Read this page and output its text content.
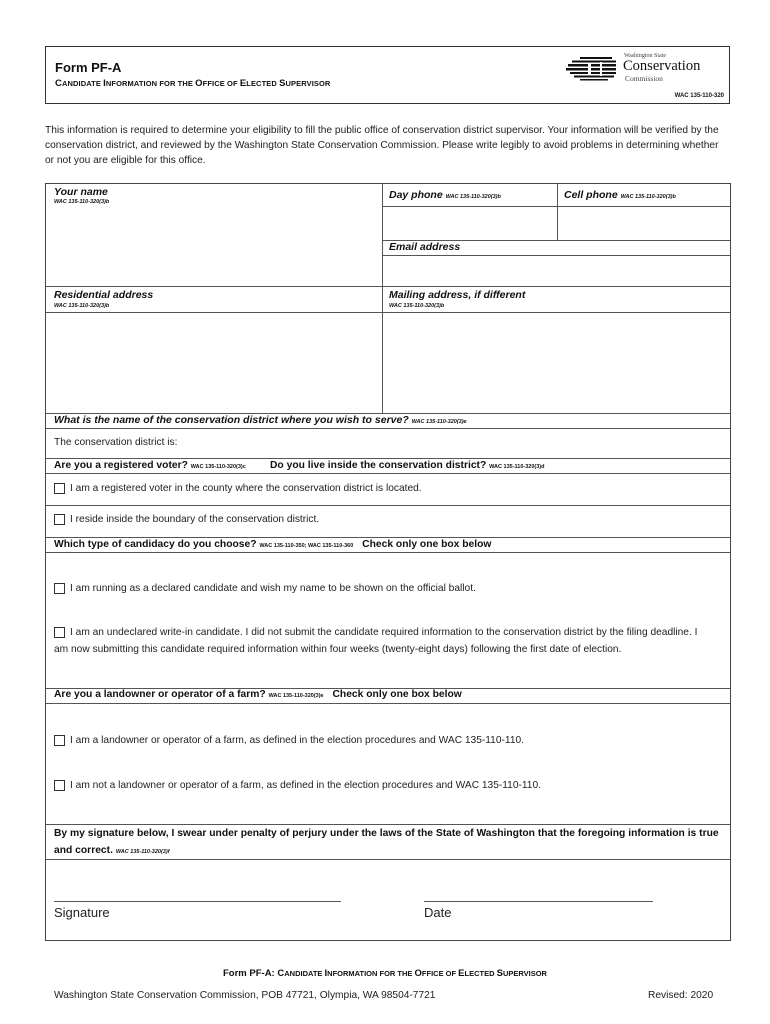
Form PF-A
CANDIDATE INFORMATION FOR THE OFFICE OF ELECTED SUPERVISOR
Washington State
Conservation
Commission
WAC 135-110-320
This information is required to determine your eligibility to fill the public office of conservation district supervisor. Your information will be verified by the conservation district, and reviewed by the Washington State Conservation Commission. Please write legibly to avoid problems in determining whether or not you are eligible for this office.
Your name
WAC 135-110-320(3)b
Day phone WAC 135-110-320(3)b	Cell phone WAC 135-110-320(3)b
Email address
Residential address
WAC 135-110-320(3)b
Mailing address, if different
WAC 135-110-320(3)b
What is the name of the conservation district where you wish to serve? WAC 135-110-320(3)e
The conservation district is:
Are you a registered voter? WAC 135-110-320(3)c Do you live inside the conservation district? WAC 135-110-320(3)d
I am a registered voter in the county where the conservation district is located.
I reside inside the boundary of the conservation district.
Which type of candidacy do you choose? WAC 135-110-350; WAC 135-110-360 Check only one box below
I am running as a declared candidate and wish my name to be shown on the official ballot.
I am an undeclared write-in candidate. I did not submit the candidate required information to the conservation district by the filing deadline. I
am now submitting this candidate required information within four weeks (twenty-eight days) following the first date of election.
Are you a landowner or operator of a farm? WAC 135-110-320(3)e Check only one box below
I am a landowner or operator of a farm, as defined in the election procedures and WAC 135-110-110.
I am not a landowner or operator of a farm, as defined in the election procedures and WAC 135-110-110.
By my signature below, I swear under penalty of perjury under the laws of the State of Washington that the foregoing information is true
and correct. WAC 135-110-320(3)f
Signature	Date
Form PF-A: CANDIDATE INFORMATION FOR THE OFFICE OF ELECTED SUPERVISOR
Washington State Conservation Commission, POB 47721, Olympia, WA 98504-7721	Revised: 2020
